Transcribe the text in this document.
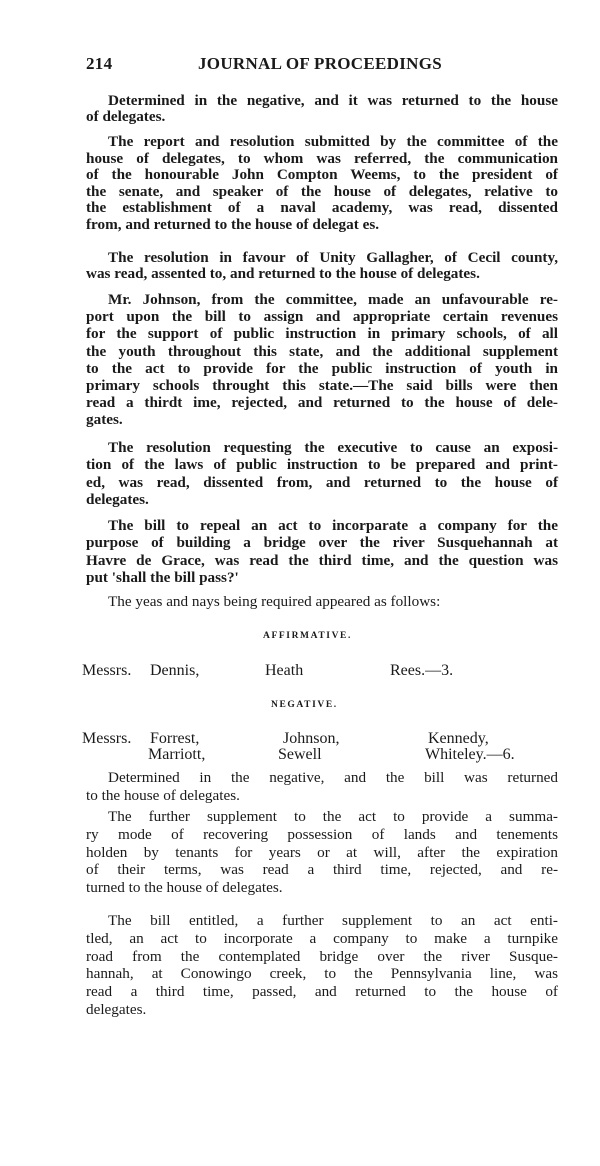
214	JOURNAL OF PROCEEDINGS
Determined in the negative, and it was returned to the house
of delegates.
The report and resolution submitted by the committee of the
house of delegates, to whom was referred, the communication
of the honourable John Compton Weems, to the president of
the senate, and speaker of the house of delegates, relative to
the establishment of a naval academy, was read, dissented
from, and returned to the house of delegat es.
The resolution in favour of Unity Gallagher, of Cecil county,
was read, assented to, and returned to the house of delegates.
Mr. Johnson, from the committee, made an unfavourable re-
port upon the bill to assign and appropriate certain revenues
for the support of public instruction in primary schools, of all
the youth throughout this state, and the additional supplement
to the act to provide for the public instruction of youth in
primary schools throught this state.—The said bills were then
read a thirdt ime, rejected, and returned to the house of dele-
gates.
The resolution requesting the executive to cause an exposi-
tion of the laws of public instruction to be prepared and print-
ed, was read, dissented from, and returned to the house of
delegates.
The bill to repeal an act to incorparate a company for the
purpose of building a bridge over the river Susquehannah at
Havre de Grace, was read the third time, and the question was
put 'shall the bill pass?'
The yeas and nays being required appeared as follows:
AFFIRMATIVE.
Messrs. Dennis,	Heath	Rees.—3.
NEGATIVE.
Messrs. Forrest,	Johnson,	Kennedy,
Marriott,	Sewell	Whiteley.—6.
Determined in the negative, and the bill was returned
to the house of delegates.
The further supplement to the act to provide a summa-
ry mode of recovering possession of lands and tenements
holden by tenants for years or at will, after the expiration
of their terms, was read a third time, rejected, and re-
turned to the house of delegates.
The bill entitled, a further supplement to an act enti-
tled, an act to incorporate a company to make a turnpike
road from the contemplated bridge over the river Susque-
hannah, at Conowingo creek, to the Pennsylvania line, was
read a third time, passed, and returned to the house of
delegates.
